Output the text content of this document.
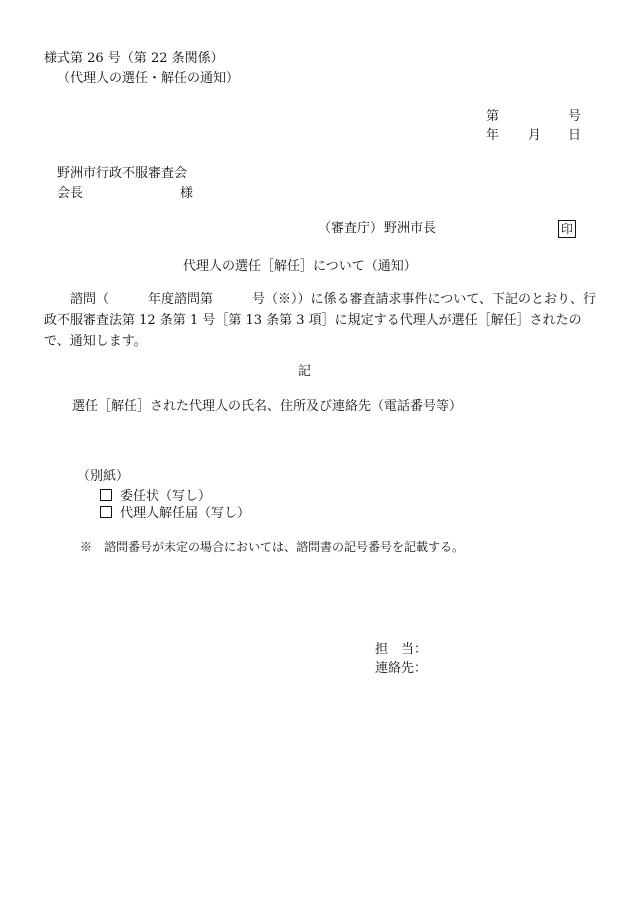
様式第 26 号（第 22 条関係）
（代理人の選任・解任の通知）
第	号
年 月 日
野洲市行政不服審査会
会長	様
（審査庁） 野洲市長	印
代理人の選任［解任］について（通知）
諮問（　　　年度諮問第　　　号（※））に係る審査請求事件について、下記のとおり、行政不服審査法第 12 条第 1 号［第 13 条第 3 項］に規定する代理人が選任［解任］されたので、通知します。
記
選任［解任］された代理人の氏名、住所及び連絡先（電話番号等）
（別紙）
委任状（写し）
代理人解任届（写し）
※　諮問番号が未定の場合においては、諮問書の記号番号を記載する。
担　当：
連絡先：
